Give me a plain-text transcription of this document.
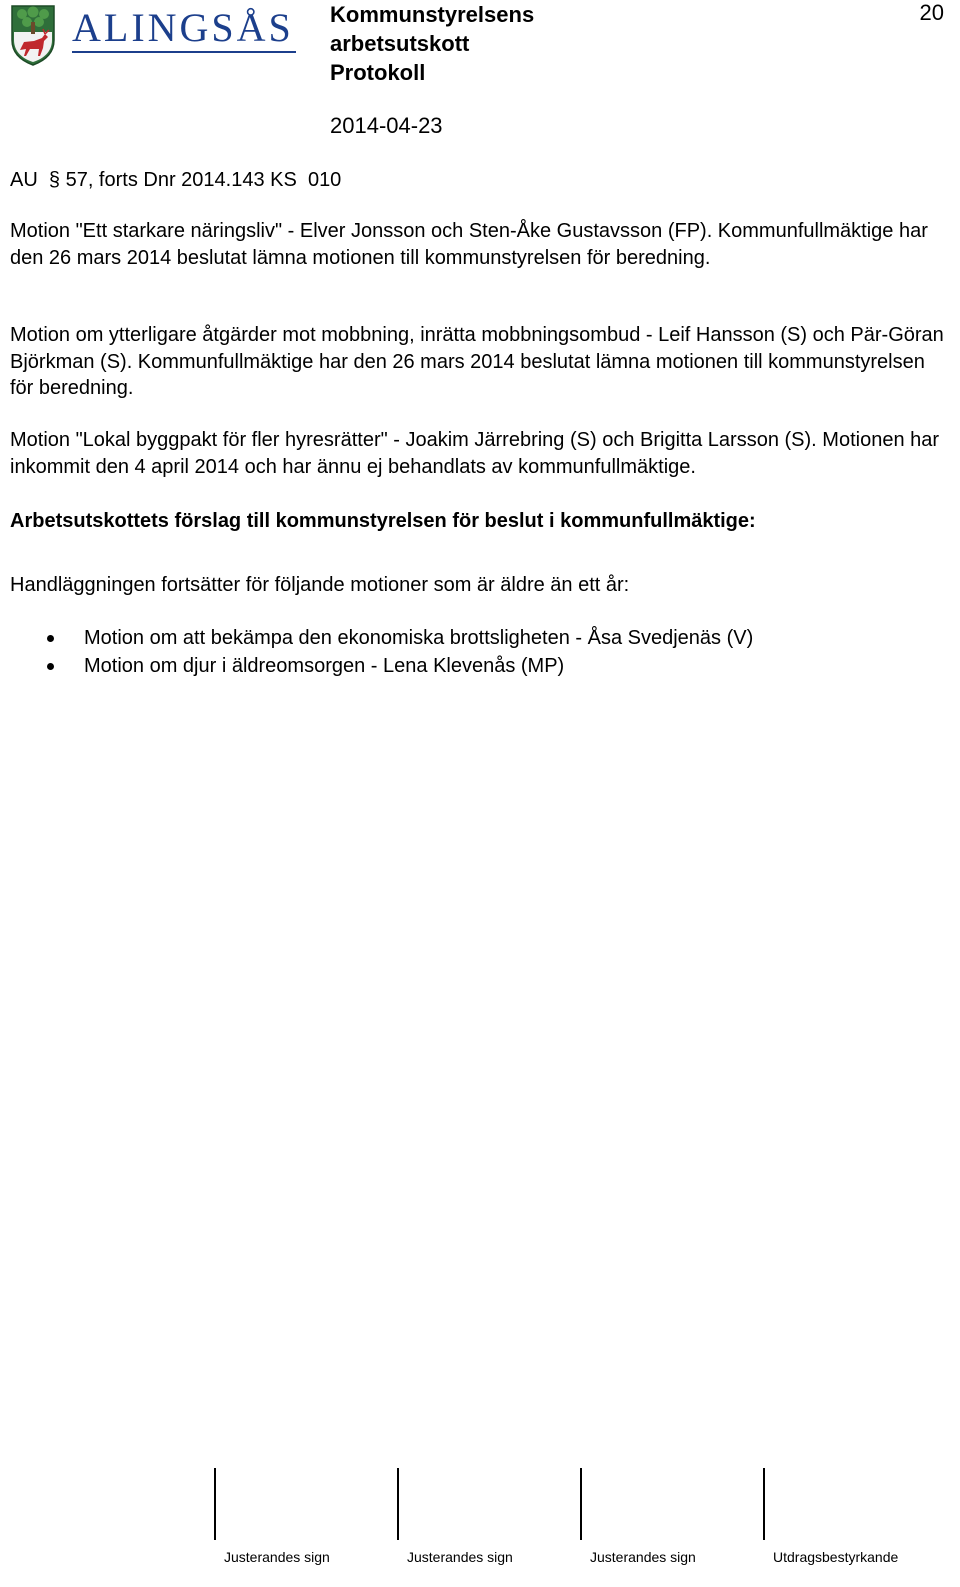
ALINGSÅS Kommunstyrelsens
arbetsutskott
Protokoll
20
2014-04-23
AU  § 57, forts Dnr 2014.143 KS  010
Motion "Ett starkare näringsliv" - Elver Jonsson och Sten-Åke Gustavsson (FP). Kommunfullmäktige har den 26 mars 2014 beslutat lämna motionen till kommunstyrelsen för beredning.
Motion om ytterligare åtgärder mot mobbning, inrätta mobbningsombud - Leif Hansson (S) och Pär-Göran Björkman (S). Kommunfullmäktige har den 26 mars 2014 beslutat lämna motionen till kommunstyrelsen för beredning.
Motion "Lokal byggpakt för fler hyresrätter" - Joakim Järrebring (S) och Brigitta Larsson (S). Motionen har inkommit den 4 april 2014 och har ännu ej behandlats av kommunfullmäktige.
Arbetsutskottets förslag till kommunstyrelsen för beslut i kommunfullmäktige:
Handläggningen fortsätter för följande motioner som är äldre än ett år:
Motion om att bekämpa den ekonomiska brottsligheten - Åsa Svedjenäs (V)
Motion om djur i äldreomsorgen - Lena Klevenås (MP)
Justerandes sign	Justerandes sign	Justerandes sign	Utdragsbestyrkande
